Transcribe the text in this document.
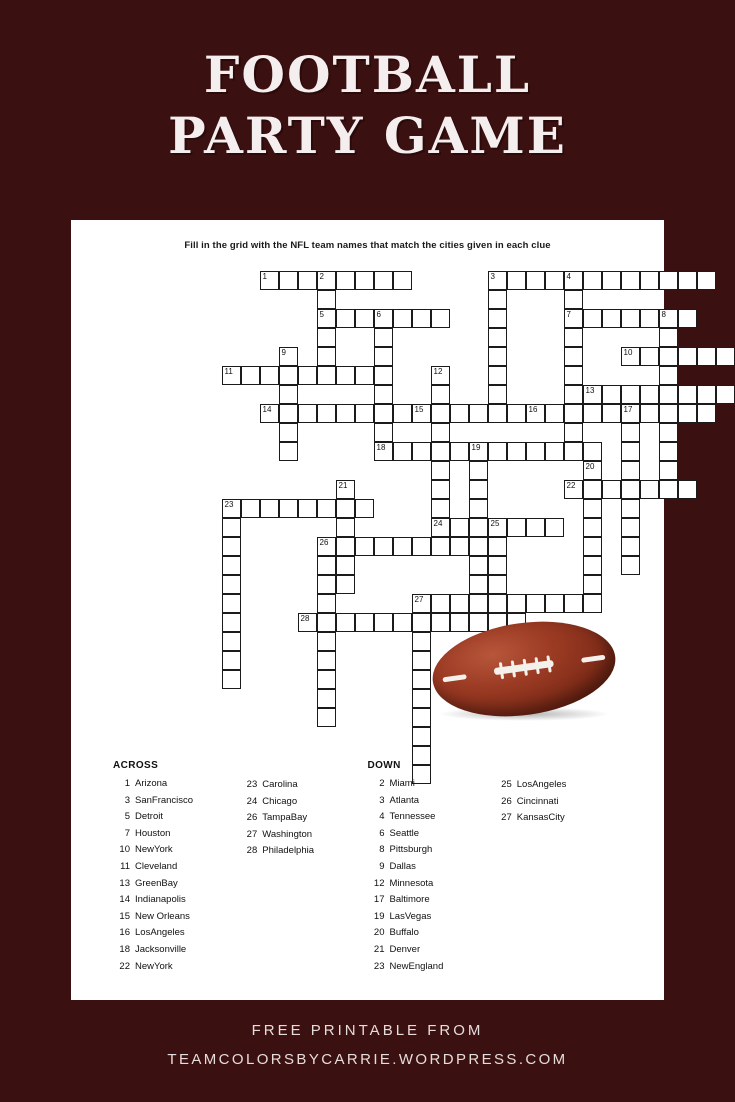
FOOTBALL
PARTY GAME
Fill in the grid with the NFL team names that match the cities given in each clue
1	2
5
3	4
7
6	8
9	10
11	12
24
13
14	15	16	17
18	19
20
21	22
23
25
26
27
28
ACROSS
1 Arizona
3 SanFrancisco
5 Detroit
7 Houston
10 NewYork
11 Cleveland
13 GreenBay
14 Indianapolis
15 New Orleans
16 LosAngeles
18 Jacksonville
22 NewYork
23 Carolina
24 Chicago
26 TampaBay
27 Washington
28 Philadelphia
DOWN
2 Miami
3 Atlanta
4 Tennessee
6 Seattle
8 Pittsburgh
9 Dallas
12 Minnesota
17 Baltimore
19 LasVegas
20 Buffalo
21 Denver
23 NewEngland
25 LosAngeles
26 Cincinnati
27 KansasCity
FREE PRINTABLE FROM
TEAMCOLORSBYCARRIE.WORDPRESS.COM
